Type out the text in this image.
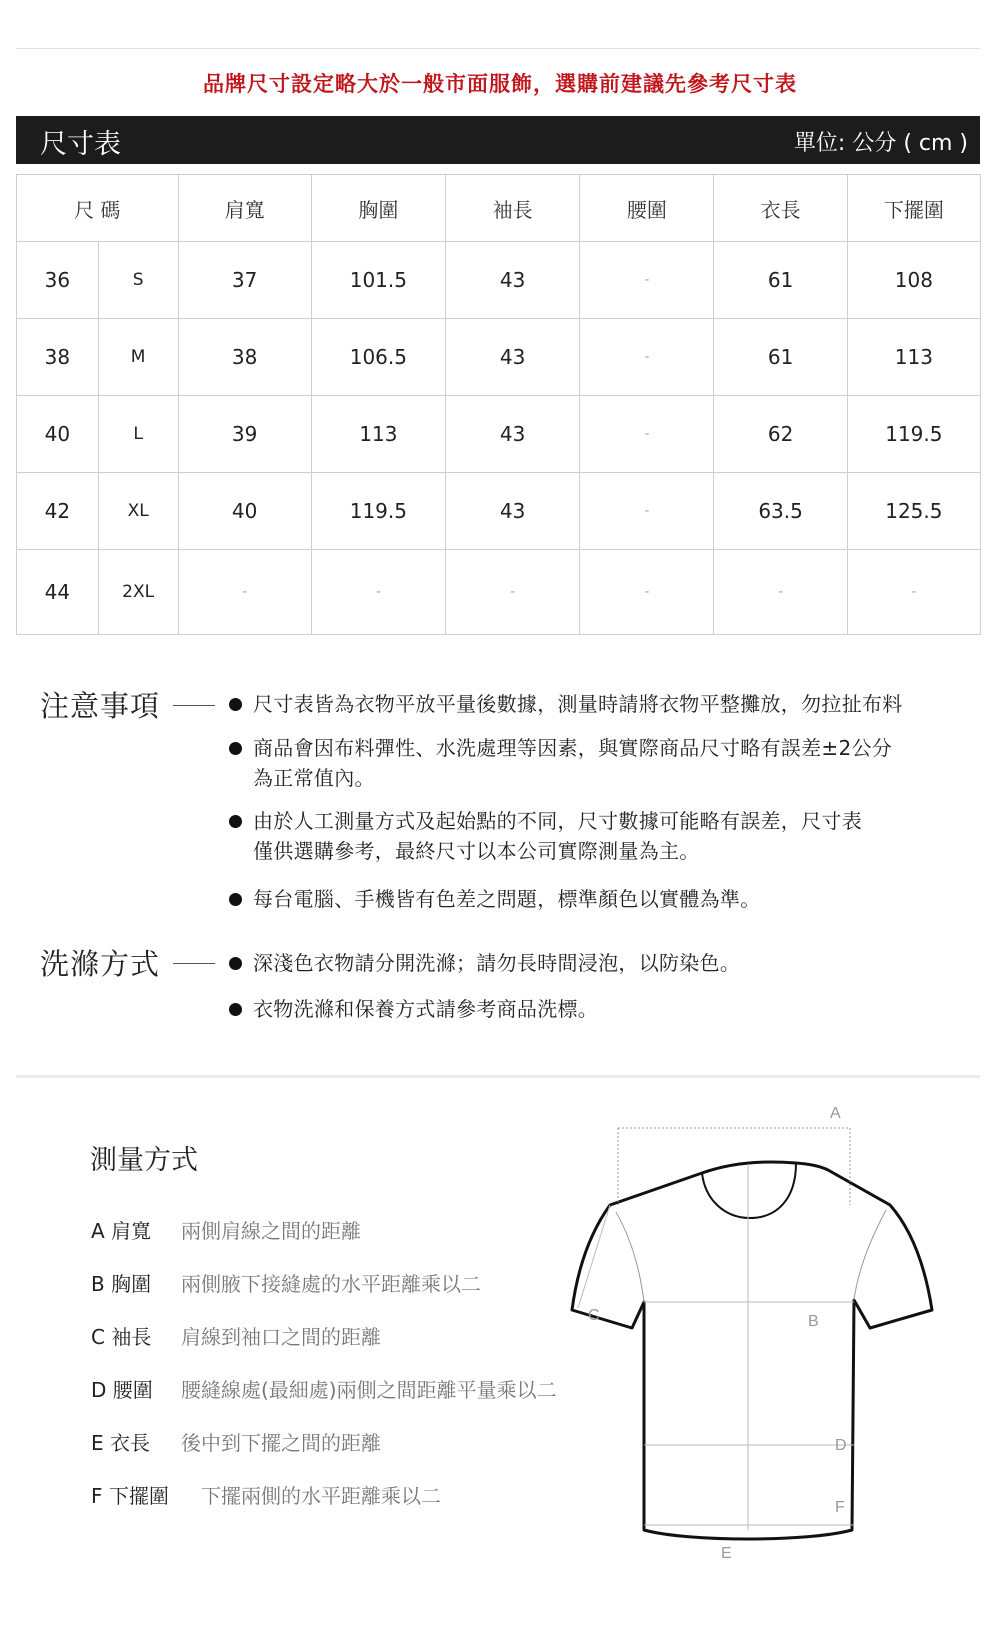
品牌尺寸設定略大於一般市面服飾，選購前建議先參考尺寸表
尺寸表	單位: 公分 ( cm )
尺 碼		肩寬	胸圍	袖長	腰圍	衣長	下擺圍
36	S	37	101.5	43	-	61	108
38	M	38	106.5	43	-	61	113
40	L	39	113	43	-	62	119.5
42	XL	40	119.5	43	-	63.5	125.5
44	2XL	-	-	-	-	-	-
注意事項	尺寸表皆為衣物平放平量後數據，測量時請將衣物平整攤放，勿拉扯布料
商品會因布料彈性、水洗處理等因素，與實際商品尺寸略有誤差±2公分
為正常值內。
由於人工測量方式及起始點的不同，尺寸數據可能略有誤差，尺寸表
僅供選購參考，最終尺寸以本公司實際測量為主。
每台電腦、手機皆有色差之問題，標準顏色以實體為準。
洗滌方式	深淺色衣物請分開洗滌；請勿長時間浸泡，以防染色。
衣物洗滌和保養方式請參考商品洗標。
測量方式
A 肩寬 兩側肩線之間的距離
B 胸圍 兩側腋下接縫處的水平距離乘以二
C 袖長 肩線到袖口之間的距離
D 腰圍 腰縫線處(最細處)兩側之間距離平量乘以二
E 衣長 後中到下擺之間的距離
F 下擺圍 下擺兩側的水平距離乘以二
A
B
C
D
E
F
